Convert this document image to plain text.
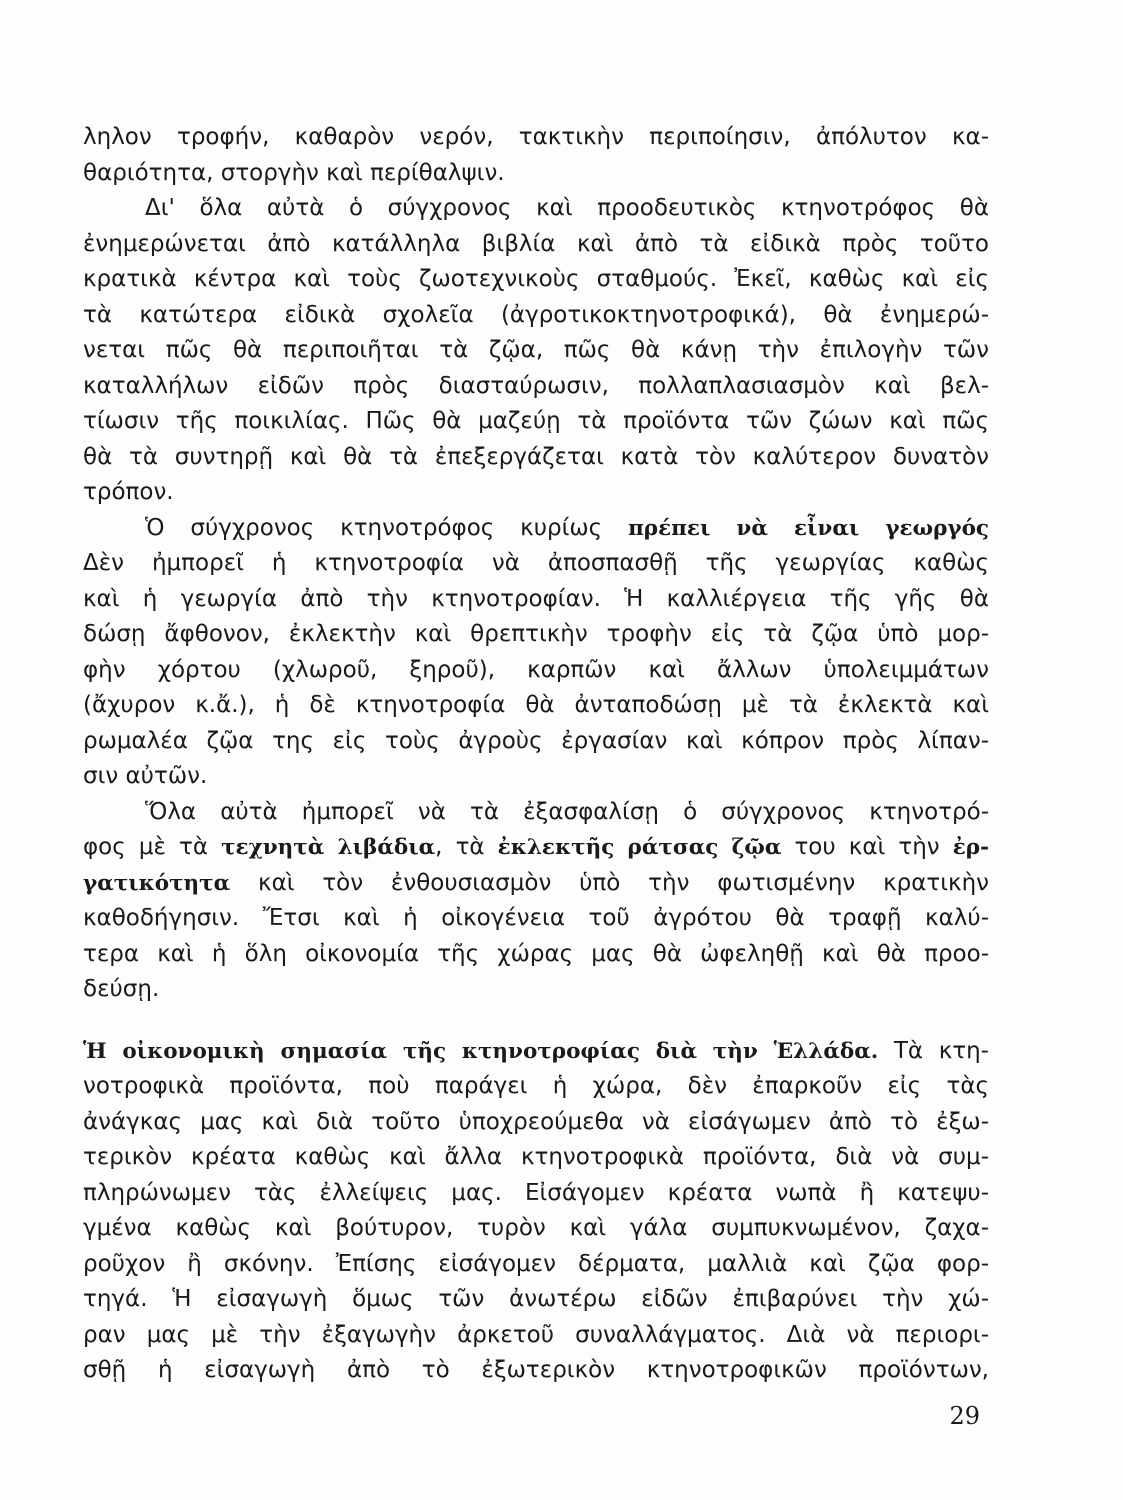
ληλον τροφήν, καθαρὸν νερόν, τακτικὴν περιποίησιν, ἀπόλυτον κα-
θαριότητα, στοργὴν καὶ περίθαλψιν.
Δι' ὅλα αὐτὰ ὁ σύγχρονος καὶ προοδευτικὸς κτηνοτρόφος θὰ
ἐνημερώνεται ἀπὸ κατάλληλα βιβλία καὶ ἀπὸ τὰ εἰδικὰ πρὸς τοῦτο
κρατικὰ κέντρα καὶ τοὺς ζωοτεχνικοὺς σταθμούς. Ἐκεῖ, καθὼς καὶ εἰς
τὰ κατώτερα εἰδικὰ σχολεῖα (ἀγροτικοκτηνοτροφικά), θὰ ἐνημερώ-
νεται πῶς θὰ περιποιῆται τὰ ζῷα, πῶς θὰ κάνῃ τὴν ἐπιλογὴν τῶν
καταλλήλων εἰδῶν πρὸς διασταύρωσιν, πολλαπλασιασμὸν καὶ βελ-
τίωσιν τῆς ποικιλίας. Πῶς θὰ μαζεύῃ τὰ προϊόντα τῶν ζώων καὶ πῶς
θὰ τὰ συντηρῇ καὶ θὰ τὰ ἐπεξεργάζεται κατὰ τὸν καλύτερον δυνατὸν
τρόπον.
Ὁ σύγχρονος κτηνοτρόφος κυρίως πρέπει νὰ εἶναι γεωργός
Δὲν ἠμπορεῖ ἡ κτηνοτροφία νὰ ἀποσπασθῇ τῆς γεωργίας καθὼς
καὶ ἡ γεωργία ἀπὸ τὴν κτηνοτροφίαν. Ἡ καλλιέργεια τῆς γῆς θὰ
δώσῃ ἄφθονον, ἐκλεκτὴν καὶ θρεπτικὴν τροφὴν εἰς τὰ ζῷα ὑπὸ μορ-
φὴν χόρτου (χλωροῦ, ξηροῦ), καρπῶν καὶ ἄλλων ὑπολειμμάτων
(ἄχυρον κ.ἄ.), ἡ δὲ κτηνοτροφία θὰ ἀνταποδώσῃ μὲ τὰ ἐκλεκτὰ καὶ
ρωμαλέα ζῷα της εἰς τοὺς ἀγροὺς ἐργασίαν καὶ κόπρον πρὸς λίπαν-
σιν αὐτῶν.
Ὅλα αὐτὰ ἠμπορεῖ νὰ τὰ ἐξασφαλίσῃ ὁ σύγχρονος κτηνοτρό-
φος μὲ τὰ τεχνητὰ λιβάδια, τὰ ἐκλεκτῆς ράτσας ζῷα του καὶ τὴν ἐρ-
γατικότητα καὶ τὸν ἐνθουσιασμὸν ὑπὸ τὴν φωτισμένην κρατικὴν
καθοδήγησιν. Ἔτσι καὶ ἡ οἰκογένεια τοῦ ἀγρότου θὰ τραφῇ καλύ-
τερα καὶ ἡ ὅλη οἰκονομία τῆς χώρας μας θὰ ὠφεληθῇ καὶ θὰ προο-
δεύσῃ.
Ἡ οἰκονομικὴ σημασία τῆς κτηνοτροφίας διὰ τὴν Ἑλλάδα. Τὰ κτη-
νοτροφικὰ προϊόντα, ποὺ παράγει ἡ χώρα, δὲν ἐπαρκοῦν εἰς τὰς
ἀνάγκας μας καὶ διὰ τοῦτο ὑποχρεούμεθα νὰ εἰσάγωμεν ἀπὸ τὸ ἐξω-
τερικὸν κρέατα καθὼς καὶ ἄλλα κτηνοτροφικὰ προϊόντα, διὰ νὰ συμ-
πληρώνωμεν τὰς ἐλλείψεις μας. Εἰσάγομεν κρέατα νωπὰ ἢ κατεψυ-
γμένα καθὼς καὶ βούτυρον, τυρὸν καὶ γάλα συμπυκνωμένον, ζαχα-
ροῦχον ἢ σκόνην. Ἐπίσης εἰσάγομεν δέρματα, μαλλιὰ καὶ ζῷα φορ-
τηγά. Ἡ εἰσαγωγὴ ὅμως τῶν ἀνωτέρω εἰδῶν ἐπιβαρύνει τὴν χώ-
ραν μας μὲ τὴν ἐξαγωγὴν ἀρκετοῦ συναλλάγματος. Διὰ νὰ περιορι-
σθῇ ἡ εἰσαγωγὴ ἀπὸ τὸ ἐξωτερικὸν κτηνοτροφικῶν προϊόντων,
29
